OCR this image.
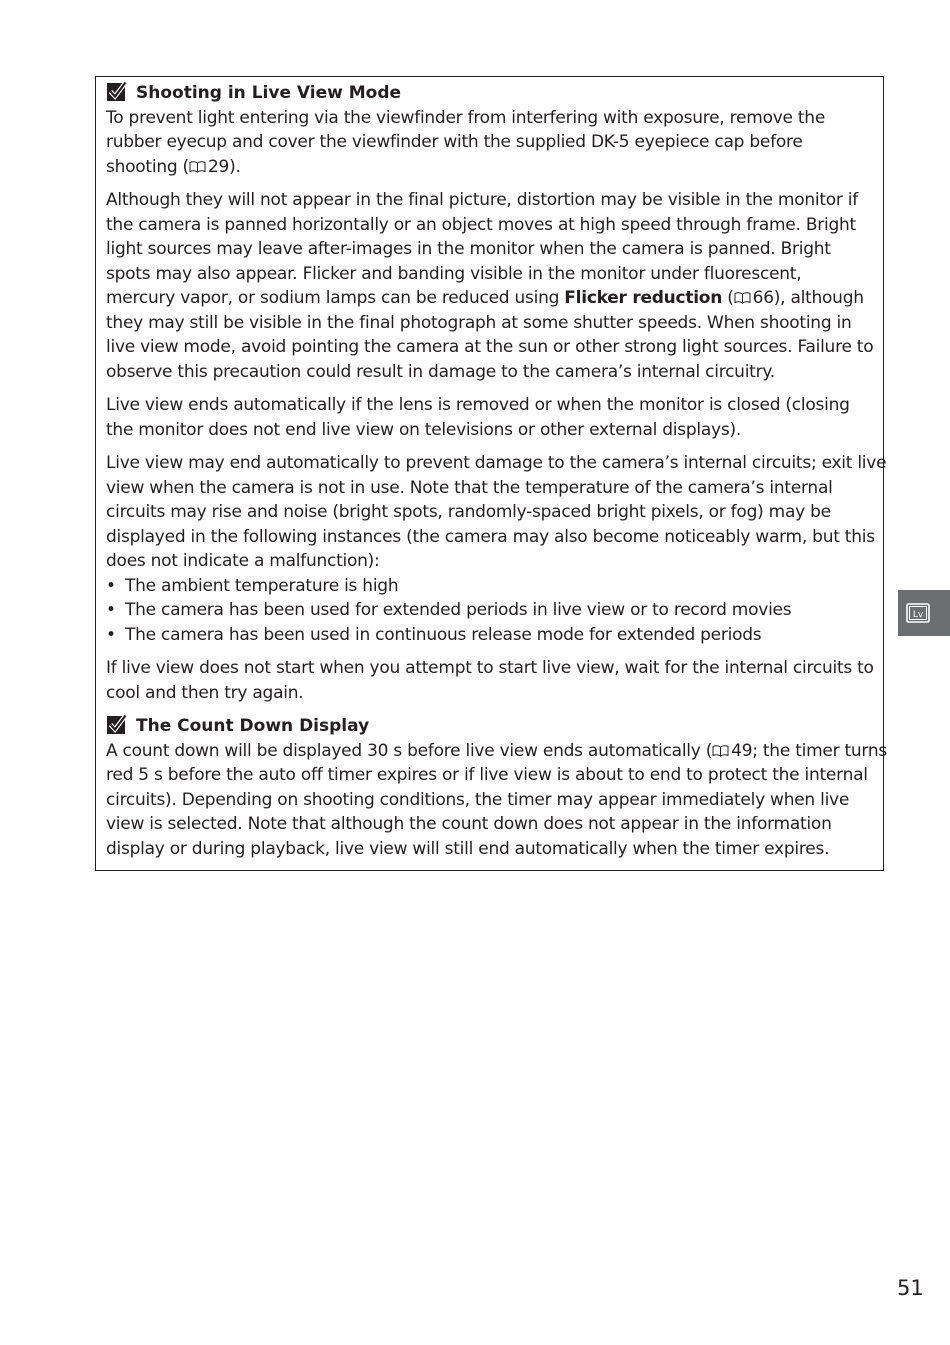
Shooting in Live View Mode

To prevent light entering via the viewfinder from interfering with exposure, remove the
rubber eyecup and cover the viewfinder with the supplied DK-5 eyepiece cap before
shooting ( 29).

Although they will not appear in the final picture, distortion may be visible in the monitor if
the camera is panned horizontally or an object moves at high speed through frame. Bright
light sources may leave after-images in the monitor when the camera is panned. Bright
spots may also appear. Flicker and banding visible in the monitor under fluorescent,
mercury vapor, or sodium lamps can be reduced using Flicker reduction ( 66), although
they may still be visible in the final photograph at some shutter speeds. When shooting in
live view mode, avoid pointing the camera at the sun or other strong light sources. Failure to
observe this precaution could result in damage to the camera’s internal circuitry.

Live view ends automatically if the lens is removed or when the monitor is closed (closing
the monitor does not end live view on televisions or other external displays).

Live view may end automatically to prevent damage to the camera’s internal circuits; exit live
view when the camera is not in use. Note that the temperature of the camera’s internal
circuits may rise and noise (bright spots, randomly-spaced bright pixels, or fog) may be
displayed in the following instances (the camera may also become noticeably warm, but this
does not indicate a malfunction):

• The ambient temperature is high
• The camera has been used for extended periods in live view or to record movies
• The camera has been used in continuous release mode for extended periods

If live view does not start when you attempt to start live view, wait for the internal circuits to
cool and then try again.

The Count Down Display

A count down will be displayed 30 s before live view ends automatically ( 49; the timer turns
red 5 s before the auto off timer expires or if live view is about to end to protect the internal
circuits). Depending on shooting conditions, the timer may appear immediately when live
view is selected. Note that although the count down does not appear in the information
display or during playback, live view will still end automatically when the timer expires.

Lv
51
